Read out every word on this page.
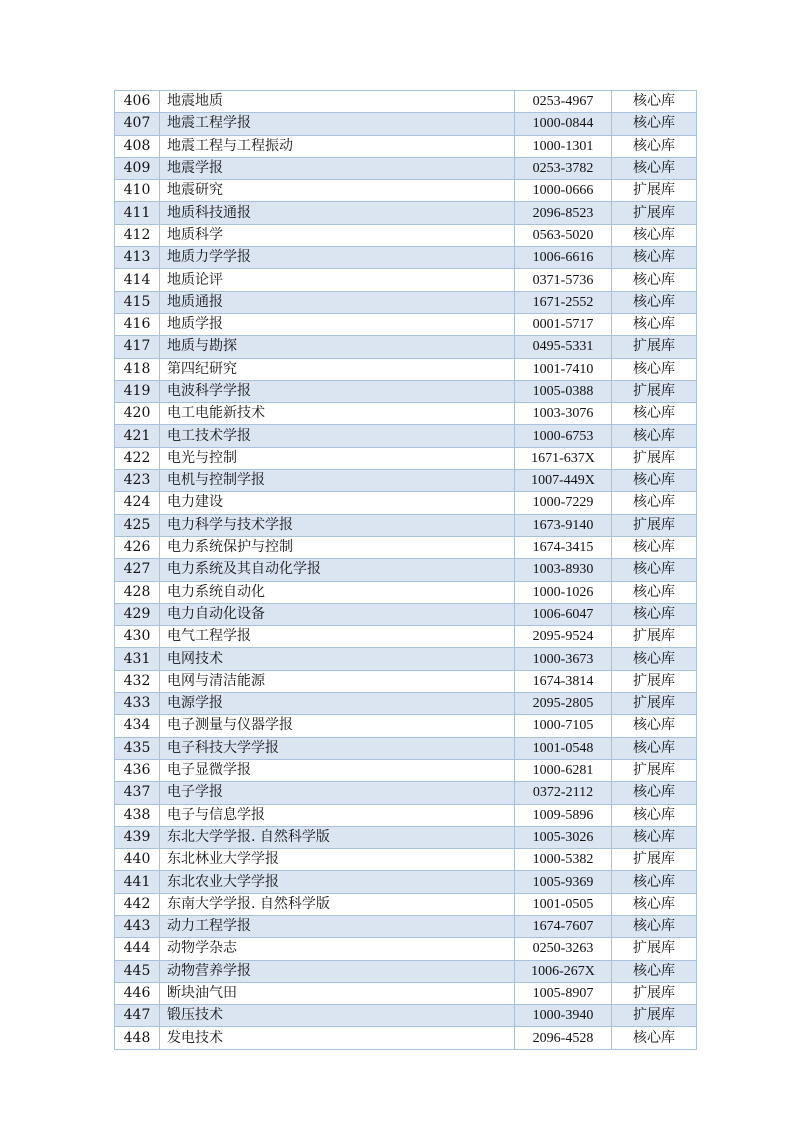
406	地震地质	0253-4967	核心库
407	地震工程学报	1000-0844	核心库
408	地震工程与工程振动	1000-1301	核心库
409	地震学报	0253-3782	核心库
410	地震研究	1000-0666	扩展库
411	地质科技通报	2096-8523	扩展库
412	地质科学	0563-5020	核心库
413	地质力学学报	1006-6616	核心库
414	地质论评	0371-5736	核心库
415	地质通报	1671-2552	核心库
416	地质学报	0001-5717	核心库
417	地质与勘探	0495-5331	扩展库
418	第四纪研究	1001-7410	核心库
419	电波科学学报	1005-0388	扩展库
420	电工电能新技术	1003-3076	核心库
421	电工技术学报	1000-6753	核心库
422	电光与控制	1671-637X	扩展库
423	电机与控制学报	1007-449X	核心库
424	电力建设	1000-7229	核心库
425	电力科学与技术学报	1673-9140	扩展库
426	电力系统保护与控制	1674-3415	核心库
427	电力系统及其自动化学报	1003-8930	核心库
428	电力系统自动化	1000-1026	核心库
429	电力自动化设备	1006-6047	核心库
430	电气工程学报	2095-9524	扩展库
431	电网技术	1000-3673	核心库
432	电网与清洁能源	1674-3814	扩展库
433	电源学报	2095-2805	扩展库
434	电子测量与仪器学报	1000-7105	核心库
435	电子科技大学学报	1001-0548	核心库
436	电子显微学报	1000-6281	扩展库
437	电子学报	0372-2112	核心库
438	电子与信息学报	1009-5896	核心库
439	东北大学学报. 自然科学版	1005-3026	核心库
440	东北林业大学学报	1000-5382	扩展库
441	东北农业大学学报	1005-9369	核心库
442	东南大学学报. 自然科学版	1001-0505	核心库
443	动力工程学报	1674-7607	核心库
444	动物学杂志	0250-3263	扩展库
445	动物营养学报	1006-267X	核心库
446	断块油气田	1005-8907	扩展库
447	锻压技术	1000-3940	扩展库
448	发电技术	2096-4528	核心库
